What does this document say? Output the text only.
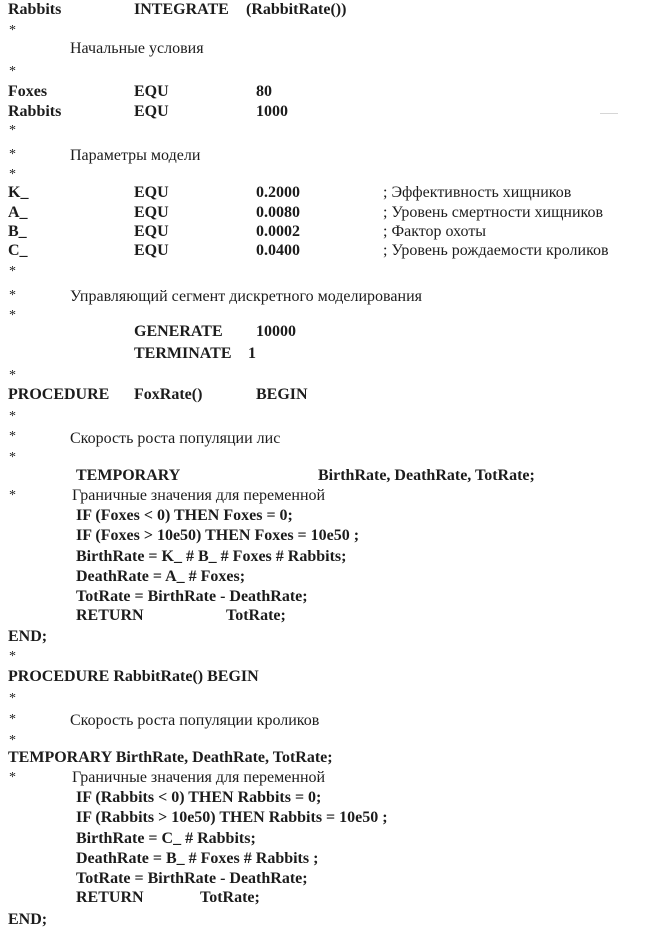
Rabbits	INTEGRATE (RabbitRate())
*
Начальные условия
*
Foxes	EQU	80
Rabbits	EQU	1000
*
*	Параметры модели
*
K_	EQU	0.2000	; Эффективность хищников
A_	EQU	0.0080	; Уровень смертности хищников
B_	EQU	0.0002	; Фактор охоты
C_	EQU	0.0400	; Уровень рождаемости кроликов
*
*	Управляющий сегмент дискретного моделирования
*
GENERATE 10000
TERMINATE 1
*
PROCEDURE FoxRate()	BEGIN
*
*	Скорость роста популяции лис
*
TEMPORARY	BirthRate, DeathRate, TotRate;
*	Граничные значения для переменной
IF (Foxes < 0) THEN Foxes = 0;
IF (Foxes > 10e50) THEN Foxes = 10e50 ;
BirthRate = K_ # B_ # Foxes # Rabbits;
DeathRate = A_ # Foxes;
TotRate = BirthRate - DeathRate;
RETURN	TotRate;
END;
*
PROCEDURE RabbitRate() BEGIN
*
*	Скорость роста популяции кроликов
*
TEMPORARY BirthRate, DeathRate, TotRate;
*	Граничные значения для переменной
IF (Rabbits < 0) THEN Rabbits = 0;
IF (Rabbits > 10e50) THEN Rabbits = 10e50 ;
BirthRate = C_ # Rabbits;
DeathRate = B_ # Foxes # Rabbits ;
TotRate = BirthRate - DeathRate;
RETURN	TotRate;
END;
